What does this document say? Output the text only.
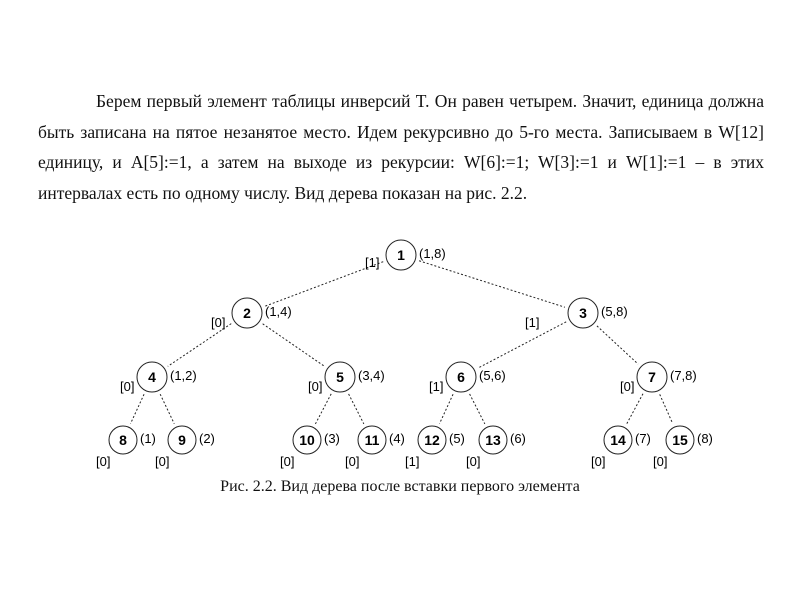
Берем первый элемент таблицы инверсий T. Он равен четырем. Значит, единица должна быть записана на пятое незанятое место. Идем рекурсивно до 5-го места. Записываем в W[12] единицу, и A[5]:=1, а затем на выходе из рекурсии: W[6]:=1; W[3]:=1 и W[1]:=1 – в этих интервалах есть по одному числу. Вид дерева показан на рис. 2.2.

1 (1,8)
[1]
2 (1,4)
[0]
3 (5,8)
[1]
4 (1,2)
[0]
5 (3,4)
[0]
6 (5,6)
[1]
7 (7,8)
[0]
8 (1)
[0]
9 (2)
[0]
10 (3)
[0]
11 (4)
[0]
12 (5)
[1]
13 (6)
[0]
14 (7)
[0]
15 (8)
[0]
Рис. 2.2. Вид дерева после вставки первого элемента
